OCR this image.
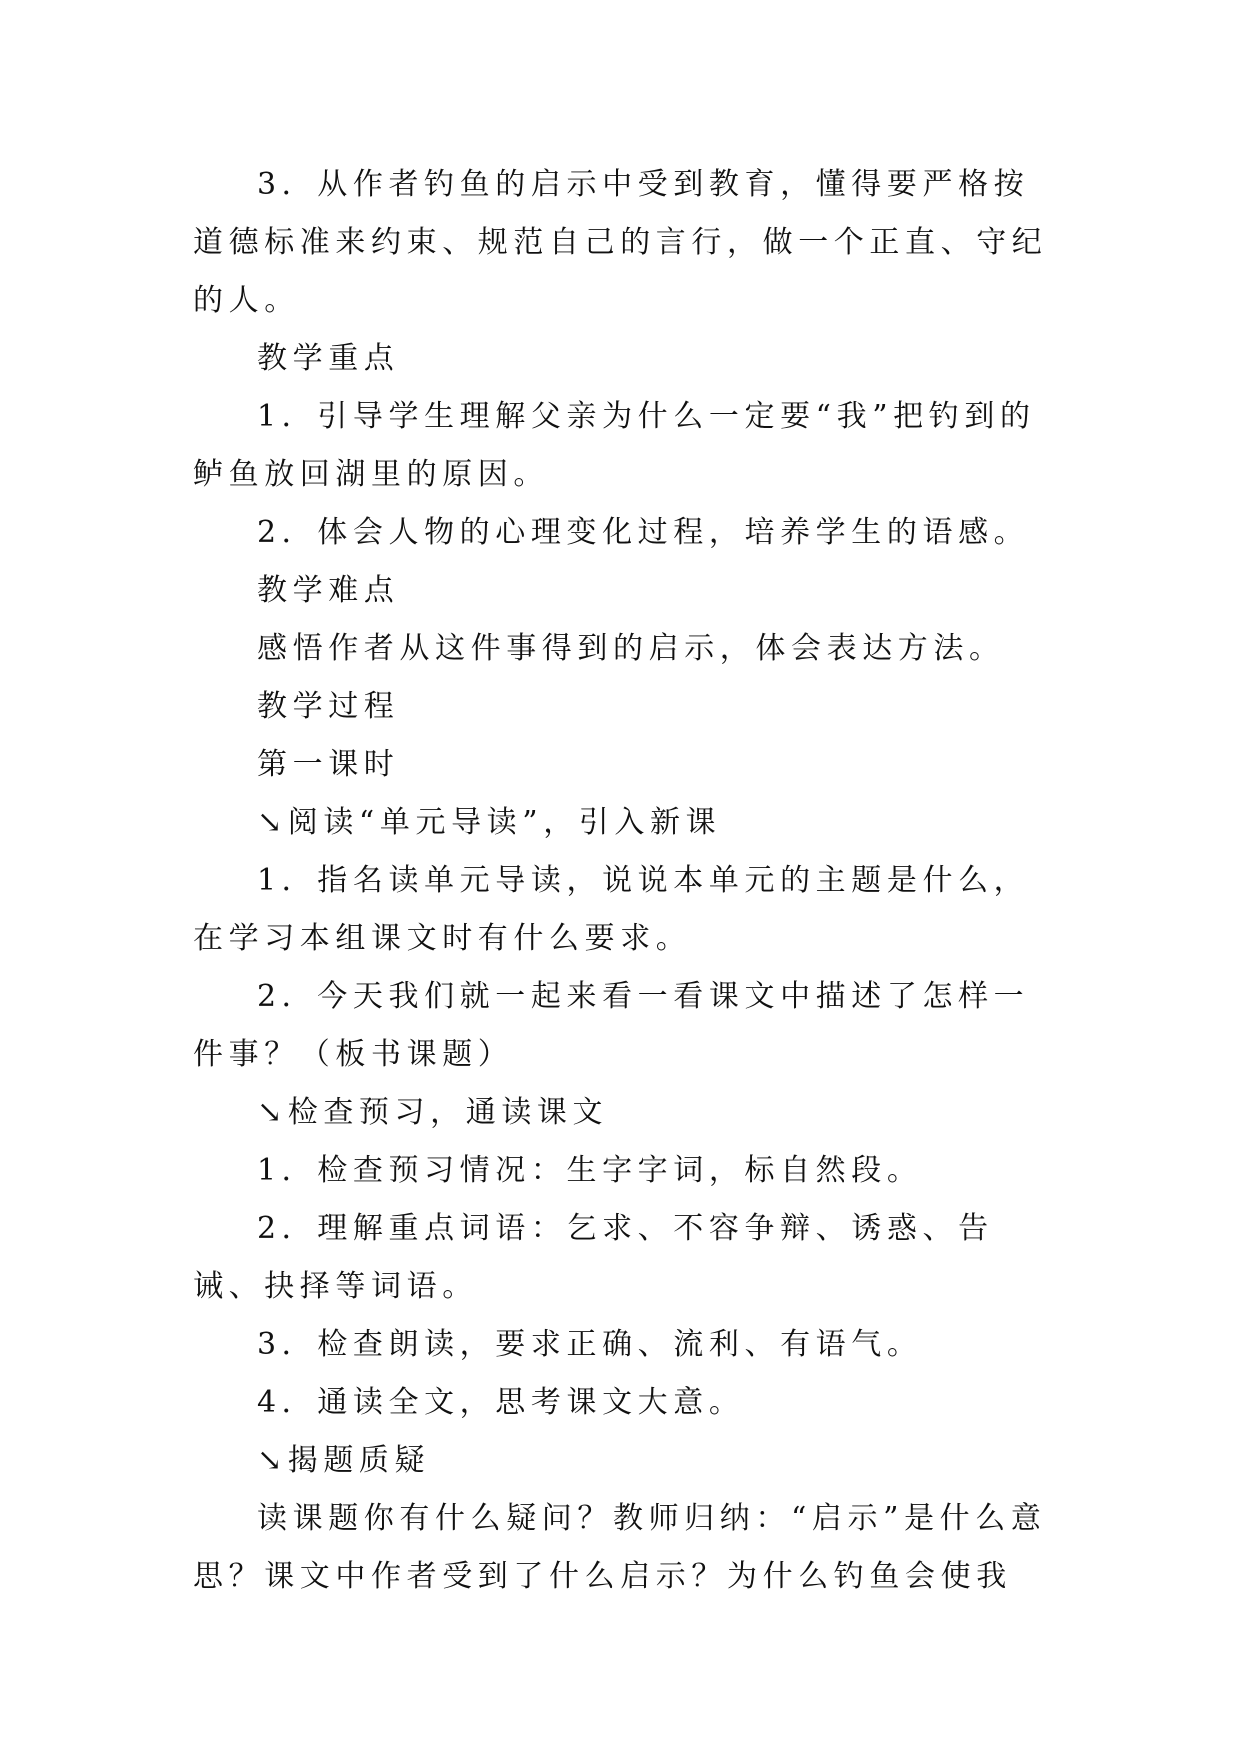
3．从作者钓鱼的启示中受到教育，懂得要严格按道德标准来约束、规范自己的言行，做一个正直、守纪的人。

教学重点

1．引导学生理解父亲为什么一定要“我”把钓到的鲈鱼放回湖里的原因。

2．体会人物的心理变化过程，培养学生的语感。

教学难点

感悟作者从这件事得到的启示，体会表达方法。

教学过程

第一课时

↘阅读“单元导读”，引入新课

1．指名读单元导读，说说本单元的主题是什么，在学习本组课文时有什么要求。

2．今天我们就一起来看一看课文中描述了怎样一件事？（板书课题）

↘检查预习，通读课文

1．检查预习情况：生字字词，标自然段。

2．理解重点词语：乞求、不容争辩、诱惑、告诫、抉择等词语。

3．检查朗读，要求正确、流利、有语气。

4．通读全文，思考课文大意。

↘揭题质疑

读课题你有什么疑问？教师归纳：“启示”是什么意思？课文中作者受到了什么启示？为什么钓鱼会使我
